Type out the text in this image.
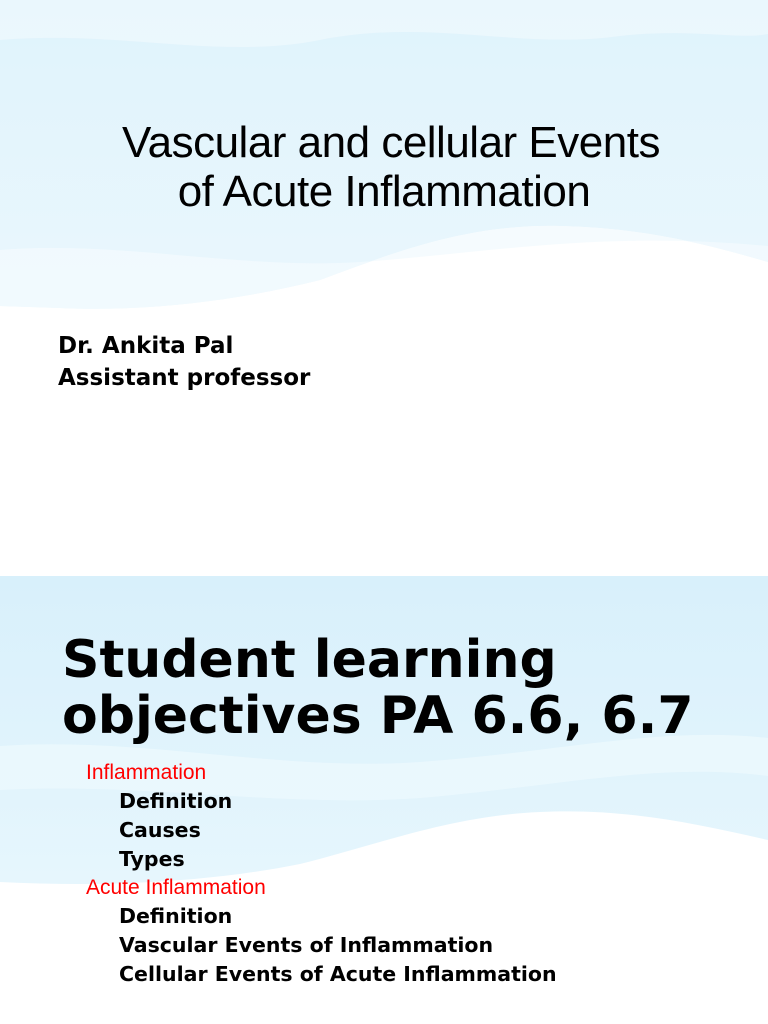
Vascular and cellular Events
of Acute Inflammation
Dr. Ankita Pal
Assistant professor
Student learning
objectives PA 6.6, 6.7
Inflammation
Definition
Causes
Types
Acute Inflammation
Definition
Vascular Events of Inflammation
Cellular Events of Acute Inflammation
